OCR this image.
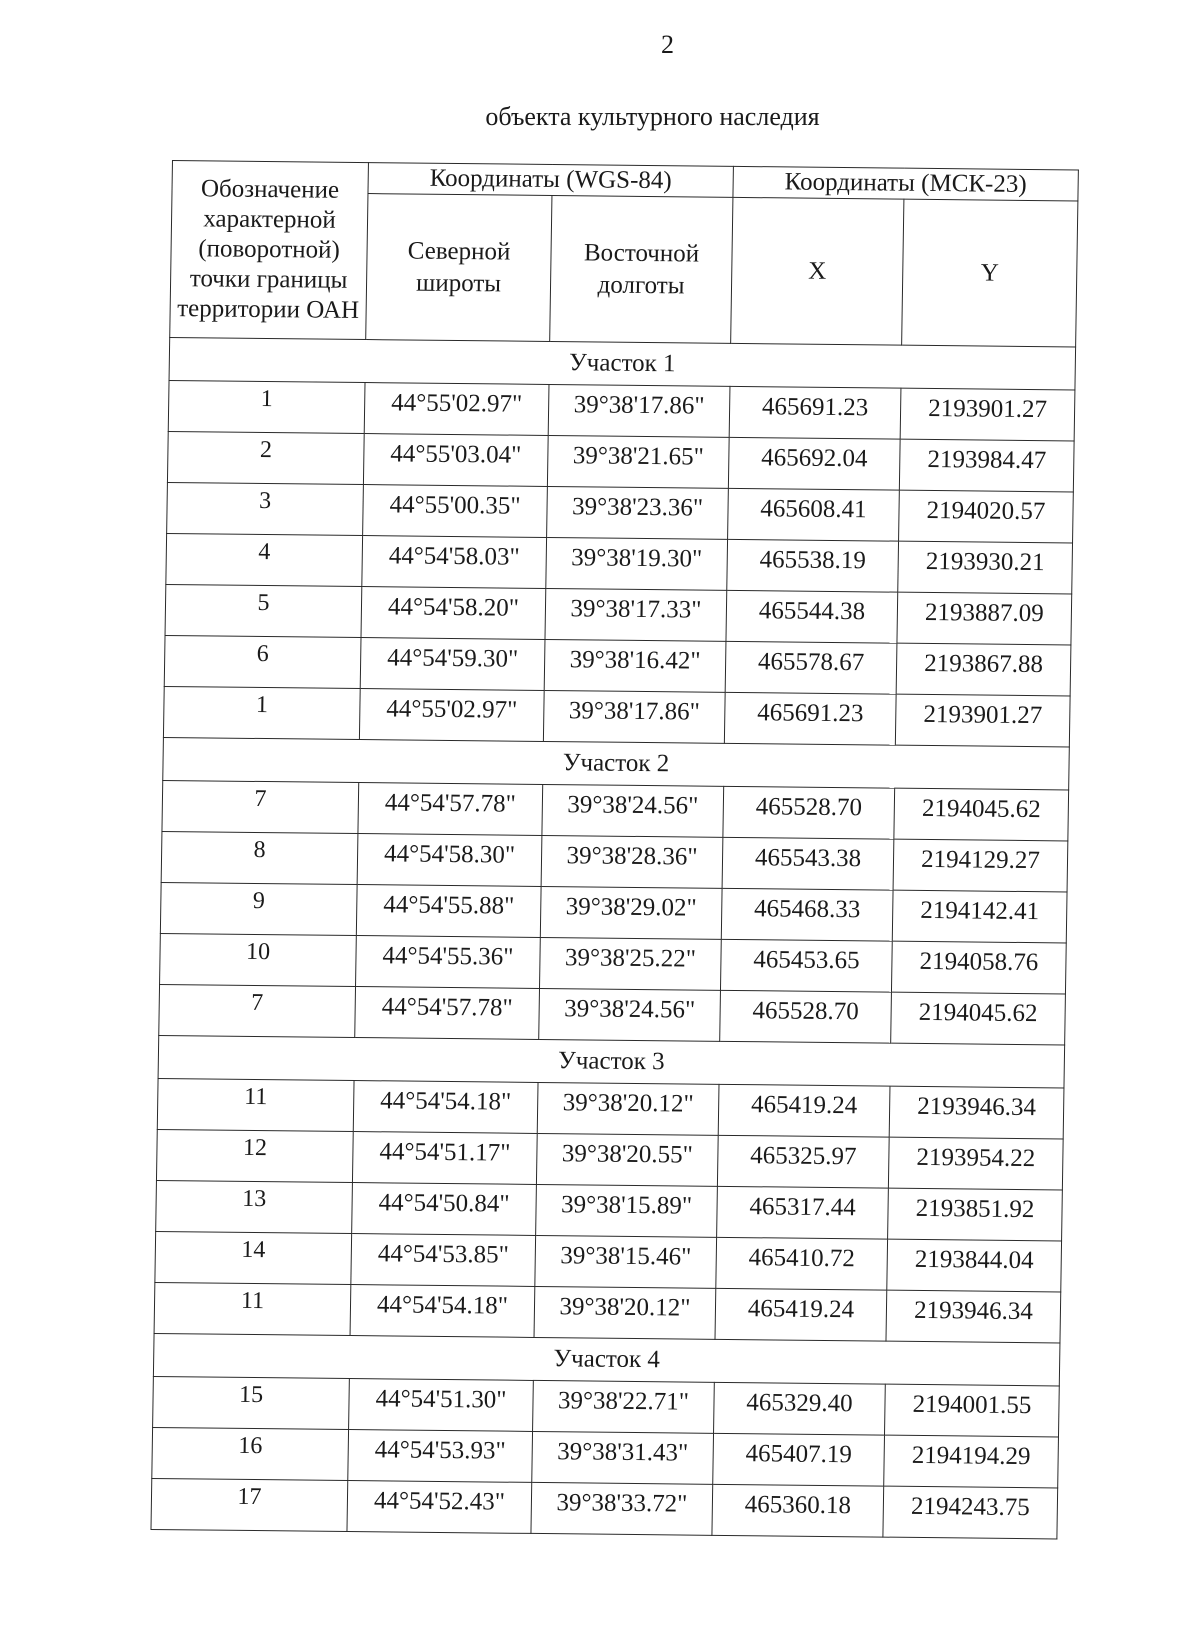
2
объекта культурного наследия
Обозначение характерной (поворотной) точки границы территории ОАН	Координаты (WGS-84)		Координаты (МСК-23)	
	Северной широты	Восточной долготы	X	Y
Участок 1				
1	44°55'02.97"	39°38'17.86"	465691.23	2193901.27
2	44°55'03.04"	39°38'21.65"	465692.04	2193984.47
3	44°55'00.35"	39°38'23.36"	465608.41	2194020.57
4	44°54'58.03"	39°38'19.30"	465538.19	2193930.21
5	44°54'58.20"	39°38'17.33"	465544.38	2193887.09
6	44°54'59.30"	39°38'16.42"	465578.67	2193867.88
1	44°55'02.97"	39°38'17.86"	465691.23	2193901.27
Участок 2				
7	44°54'57.78"	39°38'24.56"	465528.70	2194045.62
8	44°54'58.30"	39°38'28.36"	465543.38	2194129.27
9	44°54'55.88"	39°38'29.02"	465468.33	2194142.41
10	44°54'55.36"	39°38'25.22"	465453.65	2194058.76
7	44°54'57.78"	39°38'24.56"	465528.70	2194045.62
Участок 3				
11	44°54'54.18"	39°38'20.12"	465419.24	2193946.34
12	44°54'51.17"	39°38'20.55"	465325.97	2193954.22
13	44°54'50.84"	39°38'15.89"	465317.44	2193851.92
14	44°54'53.85"	39°38'15.46"	465410.72	2193844.04
11	44°54'54.18"	39°38'20.12"	465419.24	2193946.34
Участок 4				
15	44°54'51.30"	39°38'22.71"	465329.40	2194001.55
16	44°54'53.93"	39°38'31.43"	465407.19	2194194.29
17	44°54'52.43"	39°38'33.72"	465360.18	2194243.75
